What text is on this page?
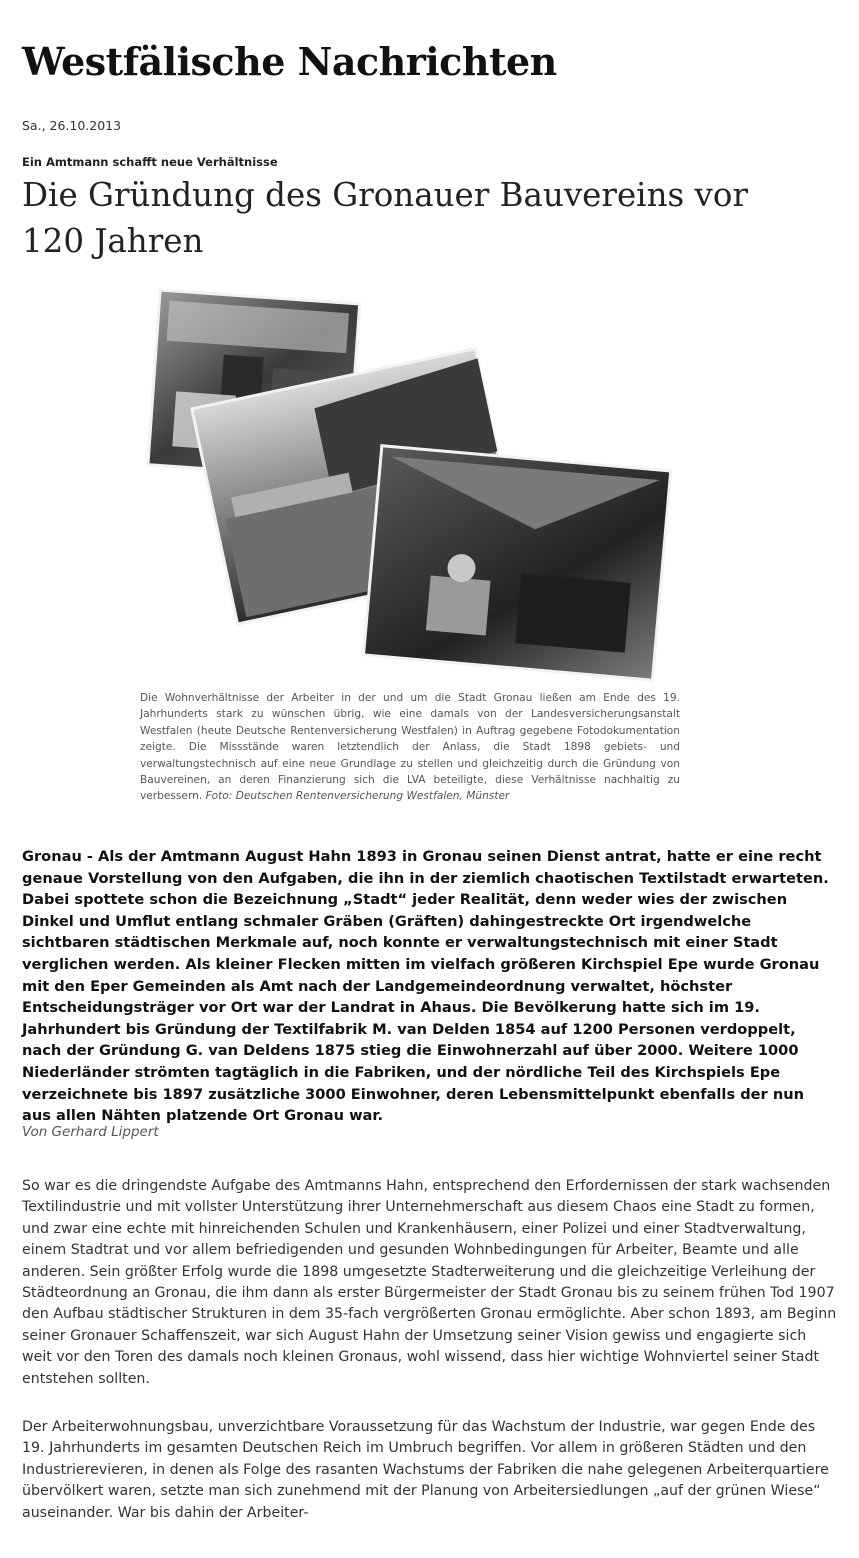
Westfälische Nachrichten
Sa., 26.10.2013
Ein Amtmann schafft neue Verhältnisse
Die Gründung des Gronauer Bauvereins vor 120 Jahren
Die Wohnverhältnisse der Arbeiter in der und um die Stadt Gronau ließen am Ende des 19. Jahrhunderts stark zu wünschen übrig, wie eine damals von der Landesversicherungsanstalt Westfalen (heute Deutsche Rentenversicherung Westfalen) in Auftrag gegebene Fotodokumentation zeigte. Die Missstände waren letztendlich der Anlass, die Stadt 1898 gebiets- und verwaltungstechnisch auf eine neue Grundlage zu stellen und gleichzeitig durch die Gründung von Bauvereinen, an deren Finanzierung sich die LVA beteiligte, diese Verhältnisse nachhaltig zu verbessern. Foto: Deutschen Rentenversicherung Westfalen, Münster
Gronau - Als der Amtmann August Hahn 1893 in Gronau seinen Dienst antrat, hatte er eine recht genaue Vorstellung von den Aufgaben, die ihn in der ziemlich chaotischen Textilstadt erwarteten. Dabei spottete schon die Bezeichnung „Stadt“ jeder Realität, denn weder wies der zwischen Dinkel und Umflut entlang schmaler Gräben (Gräften) dahingestreckte Ort irgendwelche sichtbaren städtischen Merkmale auf, noch konnte er verwaltungstechnisch mit einer Stadt verglichen werden. Als kleiner Flecken mitten im vielfach größeren Kirchspiel Epe wurde Gronau mit den Eper Gemeinden als Amt nach der Landgemeindeordnung verwaltet, höchster Entscheidungsträger vor Ort war der Landrat in Ahaus. Die Bevölkerung hatte sich im 19. Jahrhundert bis Gründung der Textilfabrik M. van Delden 1854 auf 1200 Personen verdoppelt, nach der Gründung G. van Deldens 1875 stieg die Einwohnerzahl auf über 2000. Weitere 1000 Niederländer strömten tagtäglich in die Fabriken, und der nördliche Teil des Kirchspiels Epe verzeichnete bis 1897 zusätzliche 3000 Einwohner, deren Lebensmittelpunkt ebenfalls der nun aus allen Nähten platzende Ort Gronau war.
Von Gerhard Lippert
So war es die dringendste Aufgabe des Amtmanns Hahn, entsprechend den Erfordernissen der stark wachsenden Textilindustrie und mit vollster Unterstützung ihrer Unternehmerschaft aus diesem Chaos eine Stadt zu formen, und zwar eine echte mit hinreichenden Schulen und Krankenhäusern, einer Polizei und einer Stadtverwaltung, einem Stadtrat und vor allem befriedigenden und gesunden Wohnbedingungen für Arbeiter, Beamte und alle anderen. Sein größter Erfolg wurde die 1898 umgesetzte Stadterweiterung und die gleichzeitige Verleihung der Städteordnung an Gronau, die ihm dann als erster Bürgermeister der Stadt Gronau bis zu seinem frühen Tod 1907 den Aufbau städtischer Strukturen in dem 35-fach vergrößerten Gronau ermöglichte. Aber schon 1893, am Beginn seiner Gronauer Schaffenszeit, war sich August Hahn der Umsetzung seiner Vision gewiss und engagierte sich weit vor den Toren des damals noch kleinen Gronaus, wohl wissend, dass hier wichtige Wohnviertel seiner Stadt entstehen sollten.
Der Arbeiterwohnungsbau, unverzichtbare Voraussetzung für das Wachstum der Industrie, war gegen Ende des 19. Jahrhunderts im gesamten Deutschen Reich im Umbruch begriffen. Vor allem in größeren Städten und den Industrierevieren, in denen als Folge des rasanten Wachstums der Fabriken die nahe gelegenen Arbeiterquartiere übervölkert waren, setzte man sich zunehmend mit der Planung von Arbeitersiedlungen „auf der grünen Wiese“ auseinander. War bis dahin der Arbeiter-
